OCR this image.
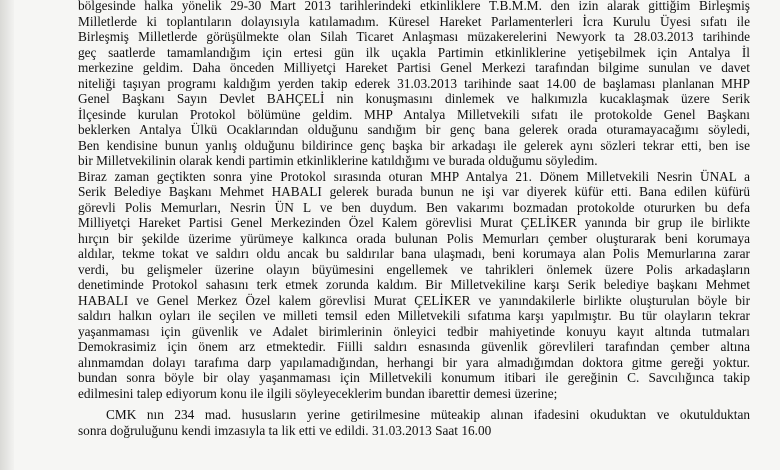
bölgesinde halka yönelik 29-30 Mart 2013 tarihlerindeki etkinliklere T.B.M.M. den izin alarak gittiğim Birleşmiş
Milletlerde ki toplantıların dolayısıyla katılamadım. Küresel Hareket Parlamenterleri İcra Kurulu Üyesi sıfatı ile
Birleşmiş Milletlerde görüşülmekte olan Silah Ticaret Anlaşması müzakerelerini Newyork ta 28.03.2013 tarihinde
geç saatlerde tamamlandığım için ertesi gün ilk uçakla Partimin etkinliklerine yetişebilmek için Antalya İl
merkezine geldim. Daha önceden Milliyetçi Hareket Partisi Genel Merkezi tarafından bilgime sunulan ve davet
niteliği taşıyan programı kaldığım yerden takip ederek 31.03.2013 tarihinde saat 14.00 de başlaması planlanan MHP
Genel Başkanı Sayın Devlet BAHÇELİ nin konuşmasını dinlemek ve halkımızla kucaklaşmak üzere Serik
İlçesinde kurulan Protokol bölümüne geldim. MHP Antalya Milletvekili sıfatı ile protokolde Genel Başkanı
beklerken Antalya Ülkü Ocaklarından olduğunu sandığım bir genç bana gelerek orada oturamayacağımı söyledi,
Ben kendisine bunun yanlış olduğunu bildirince genç başka bir arkadaşı ile gelerek aynı sözleri tekrar etti, ben ise
bir Milletvekilinin olarak kendi partimin etkinliklerine katıldığımı ve burada olduğumu söyledim.
Biraz zaman geçtikten sonra yine Protokol sırasında oturan MHP Antalya 21. Dönem Milletvekili Nesrin ÜNAL a
Serik Belediye Başkanı Mehmet HABALI gelerek burada bunun ne işi var diyerek küfür etti. Bana edilen küfürü
görevli Polis Memurları, Nesrin ÜN L ve ben duydum. Ben vakarımı bozmadan protokolde otururken bu defa
Milliyetçi Hareket Partisi Genel Merkezinden Özel Kalem görevlisi Murat ÇELİKER yanında bir grup ile birlikte
hırçın bir şekilde üzerime yürümeye kalkınca orada bulunan Polis Memurları çember oluşturarak beni korumaya
aldılar, tekme tokat ve saldırı oldu ancak bu saldırılar bana ulaşmadı, beni korumaya alan Polis Memurlarına zarar
verdi, bu gelişmeler üzerine olayın büyümesini engellemek ve tahrikleri önlemek üzere Polis arkadaşların
denetiminde Protokol sahasını terk etmek zorunda kaldım. Bir Milletvekiline karşı Serik belediye başkanı Mehmet
HABALI ve Genel Merkez Özel kalem görevlisi Murat ÇELİKER ve yanındakilerle birlikte oluşturulan böyle bir
saldırı halkın oyları ile seçilen ve milleti temsil eden Milletvekili sıfatıma karşı yapılmıştır. Bu tür olayların tekrar
yaşanmaması için güvenlik ve Adalet birimlerinin önleyici tedbir mahiyetinde konuyu kayıt altında tutmaları
Demokrasimiz için önem arz etmektedir. Fiilli saldırı esnasında güvenlik görevlileri tarafından çember altına
alınmamdan dolayı tarafıma darp yapılamadığından, herhangi bir yara almadığımdan doktora gitme gereği yoktur.
bundan sonra böyle bir olay yaşanmaması için Milletvekili konumum itibari ile gereğinin C. Savcılığınca takip
edilmesini talep ediyorum konu ile ilgili söyleyeceklerim bundan ibarettir demesi üzerine;
CMK nın 234 mad. hususların yerine getirilmesine müteakip alınan ifadesini okuduktan ve okutulduktan
sonra doğruluğunu kendi imzasıyla ta lik etti ve edildi. 31.03.2013 Saat 16.00
